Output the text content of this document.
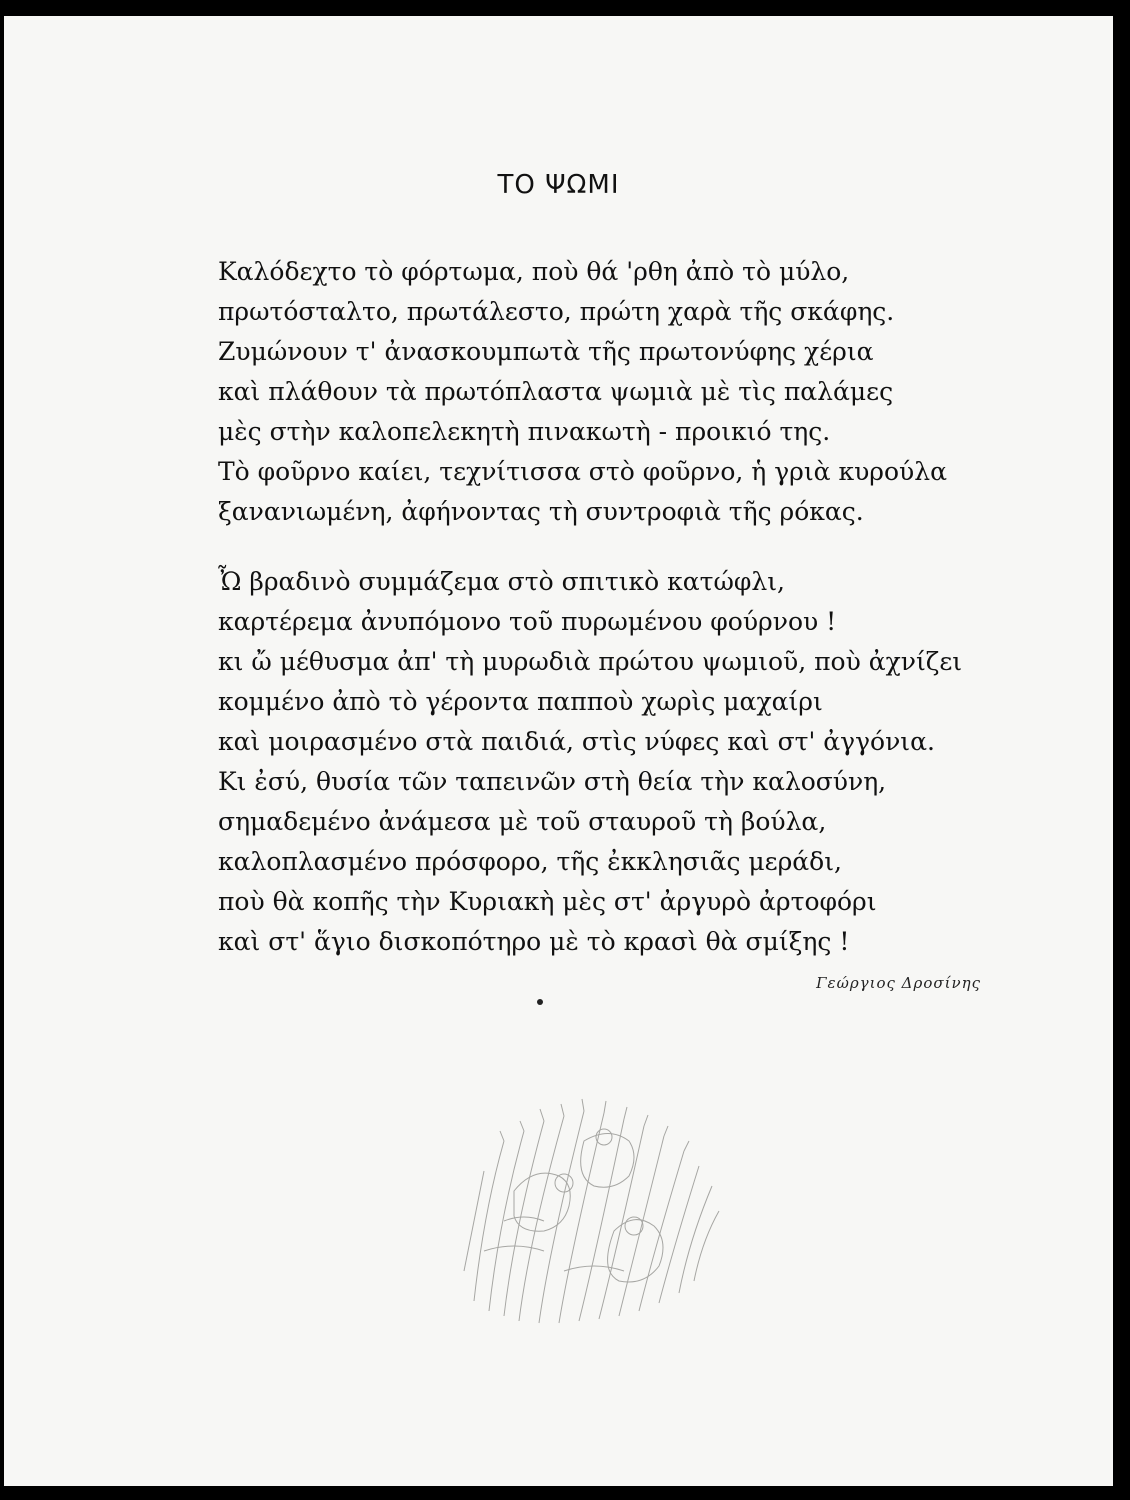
ΤΟ ΨΩΜΙ
Καλόδεχτο τὸ φόρτωμα, ποὺ θά 'ρθη ἀπὸ τὸ μύλο,
πρωτόσταλτο, πρωτάλεστο, πρώτη χαρὰ τῆς σκάφης.
Ζυμώνουν τ' ἀνασκουμπωτὰ τῆς πρωτονύφης χέρια
καὶ πλάθουν τὰ πρωτόπλαστα ψωμιὰ μὲ τὶς παλάμες
μὲς στὴν καλοπελεκητὴ πινακωτὴ - προικιό της.
Τὸ φοῦρνο καίει, τεχνίτισσα στὸ φοῦρνο, ἡ γριὰ κυρούλα
ξανανιωμένη, ἀφήνοντας τὴ συντροφιὰ τῆς ρόκας.
Ὦ βραδινὸ συμμάζεμα στὸ σπιτικὸ κατώφλι,
καρτέρεμα ἀνυπόμονο τοῦ πυρωμένου φούρνου !
κι ὤ μέθυσμα ἀπ' τὴ μυρωδιὰ πρώτου ψωμιοῦ, ποὺ ἀχνίζει
κομμένο ἀπὸ τὸ γέροντα παπποὺ χωρὶς μαχαίρι
καὶ μοιρασμένο στὰ παιδιά, στὶς νύφες καὶ στ' ἀγγόνια.
Κι ἐσύ, θυσία τῶν ταπεινῶν στὴ θεία τὴν καλοσύνη,
σημαδεμένο ἀνάμεσα μὲ τοῦ σταυροῦ τὴ βούλα,
καλοπλασμένο πρόσφορο, τῆς ἐκκλησιᾶς μεράδι,
ποὺ θὰ κοπῆς τὴν Κυριακὴ μὲς στ' ἀργυρὸ ἀρτοφόρι
καὶ στ' ἅγιο δισκοπότηρο μὲ τὸ κρασὶ θὰ σμίξης !
Γεώργιος Δροσίνης
